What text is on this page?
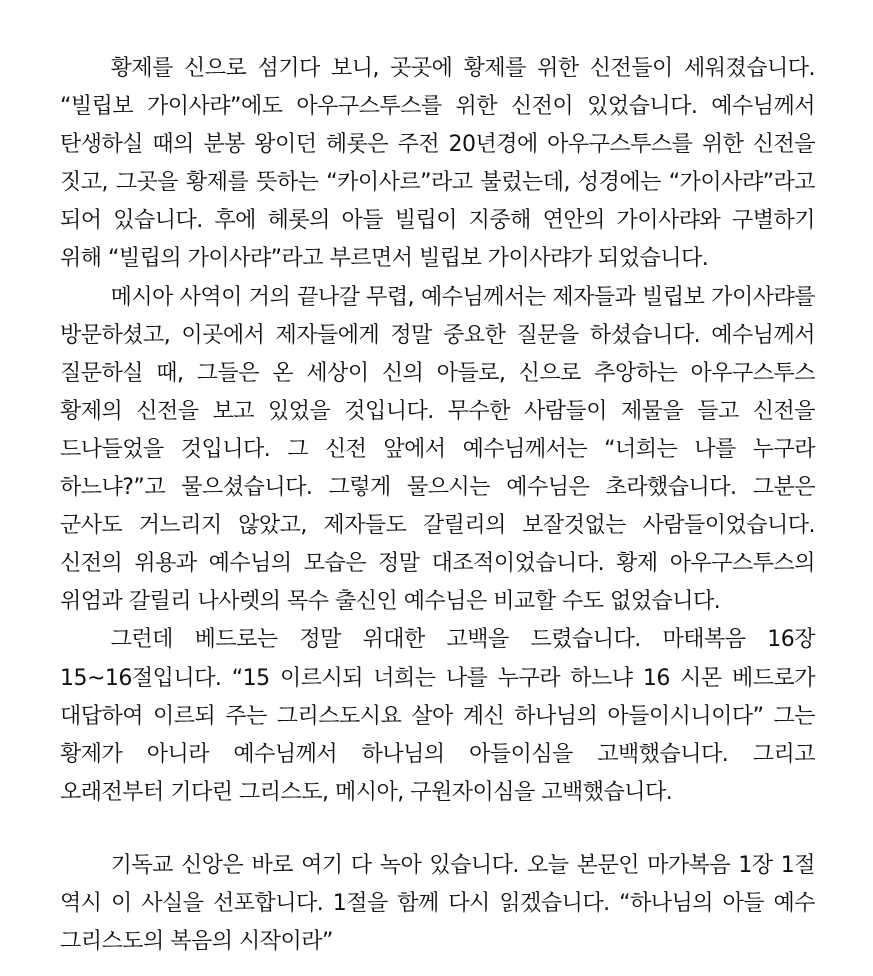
황제를 신으로 섬기다 보니, 곳곳에 황제를 위한 신전들이 세워졌습니다. “빌립보 가이사랴”에도 아우구스투스를 위한 신전이 있었습니다. 예수님께서 탄생하실 때의 분봉 왕이던 헤롯은 주전 20년경에 아우구스투스를 위한 신전을 짓고, 그곳을 황제를 뜻하는 “카이사르”라고 불렀는데, 성경에는 “가이사랴”라고 되어 있습니다. 후에 헤롯의 아들 빌립이 지중해 연안의 가이사랴와 구별하기 위해 “빌립의 가이사랴”라고 부르면서 빌립보 가이사랴가 되었습니다.

메시아 사역이 거의 끝나갈 무렵, 예수님께서는 제자들과 빌립보 가이사랴를 방문하셨고, 이곳에서 제자들에게 정말 중요한 질문을 하셨습니다. 예수님께서 질문하실 때, 그들은 온 세상이 신의 아들로, 신으로 추앙하는 아우구스투스 황제의 신전을 보고 있었을 것입니다. 무수한 사람들이 제물을 들고 신전을 드나들었을 것입니다. 그 신전 앞에서 예수님께서는 “너희는 나를 누구라 하느냐?”고 물으셨습니다. 그렇게 물으시는 예수님은 초라했습니다. 그분은 군사도 거느리지 않았고, 제자들도 갈릴리의 보잘것없는 사람들이었습니다. 신전의 위용과 예수님의 모습은 정말 대조적이었습니다. 황제 아우구스투스의 위엄과 갈릴리 나사렛의 목수 출신인 예수님은 비교할 수도 없었습니다.

그런데 베드로는 정말 위대한 고백을 드렸습니다. 마태복음 16장 15~16절입니다. “15 이르시되 너희는 나를 누구라 하느냐 16 시몬 베드로가 대답하여 이르되 주는 그리스도시요 살아 계신 하나님의 아들이시니이다” 그는 황제가 아니라 예수님께서 하나님의 아들이심을 고백했습니다. 그리고 오래전부터 기다린 그리스도, 메시아, 구원자이심을 고백했습니다.

기독교 신앙은 바로 여기 다 녹아 있습니다. 오늘 본문인 마가복음 1장 1절 역시 이 사실을 선포합니다. 1절을 함께 다시 읽겠습니다. “하나님의 아들 예수 그리스도의 복음의 시작이라”
